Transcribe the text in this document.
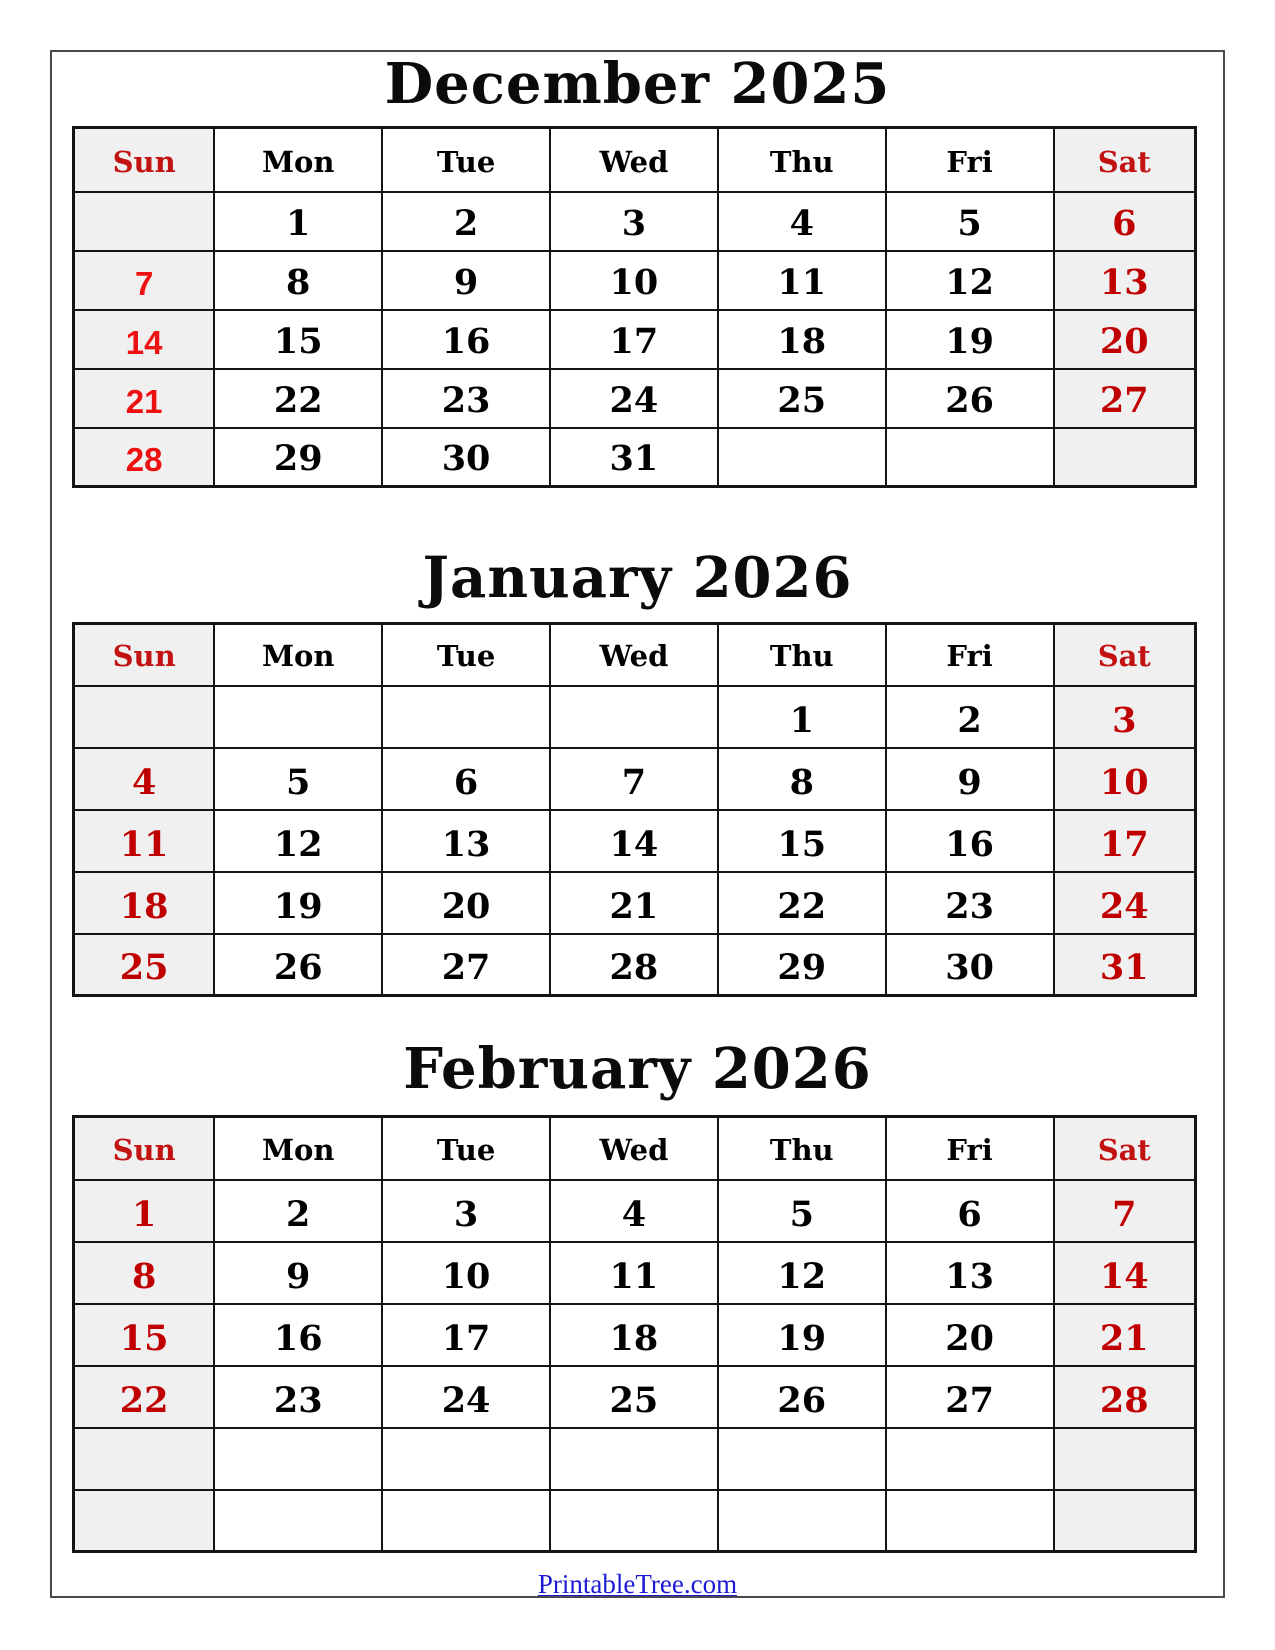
December 2025
Sun	Mon	Tue	Wed	Thu	Fri	Sat
	1	2	3	4	5	6
7	8	9	10	11	12	13
14	15	16	17	18	19	20
21	22	23	24	25	26	27
28	29	30	31			
January 2026
Sun	Mon	Tue	Wed	Thu	Fri	Sat
				1	2	3
4	5	6	7	8	9	10
11	12	13	14	15	16	17
18	19	20	21	22	23	24
25	26	27	28	29	30	31
February 2026
Sun	Mon	Tue	Wed	Thu	Fri	Sat
1	2	3	4	5	6	7
8	9	10	11	12	13	14
15	16	17	18	19	20	21
22	23	24	25	26	27	28

PrintableTree.com
